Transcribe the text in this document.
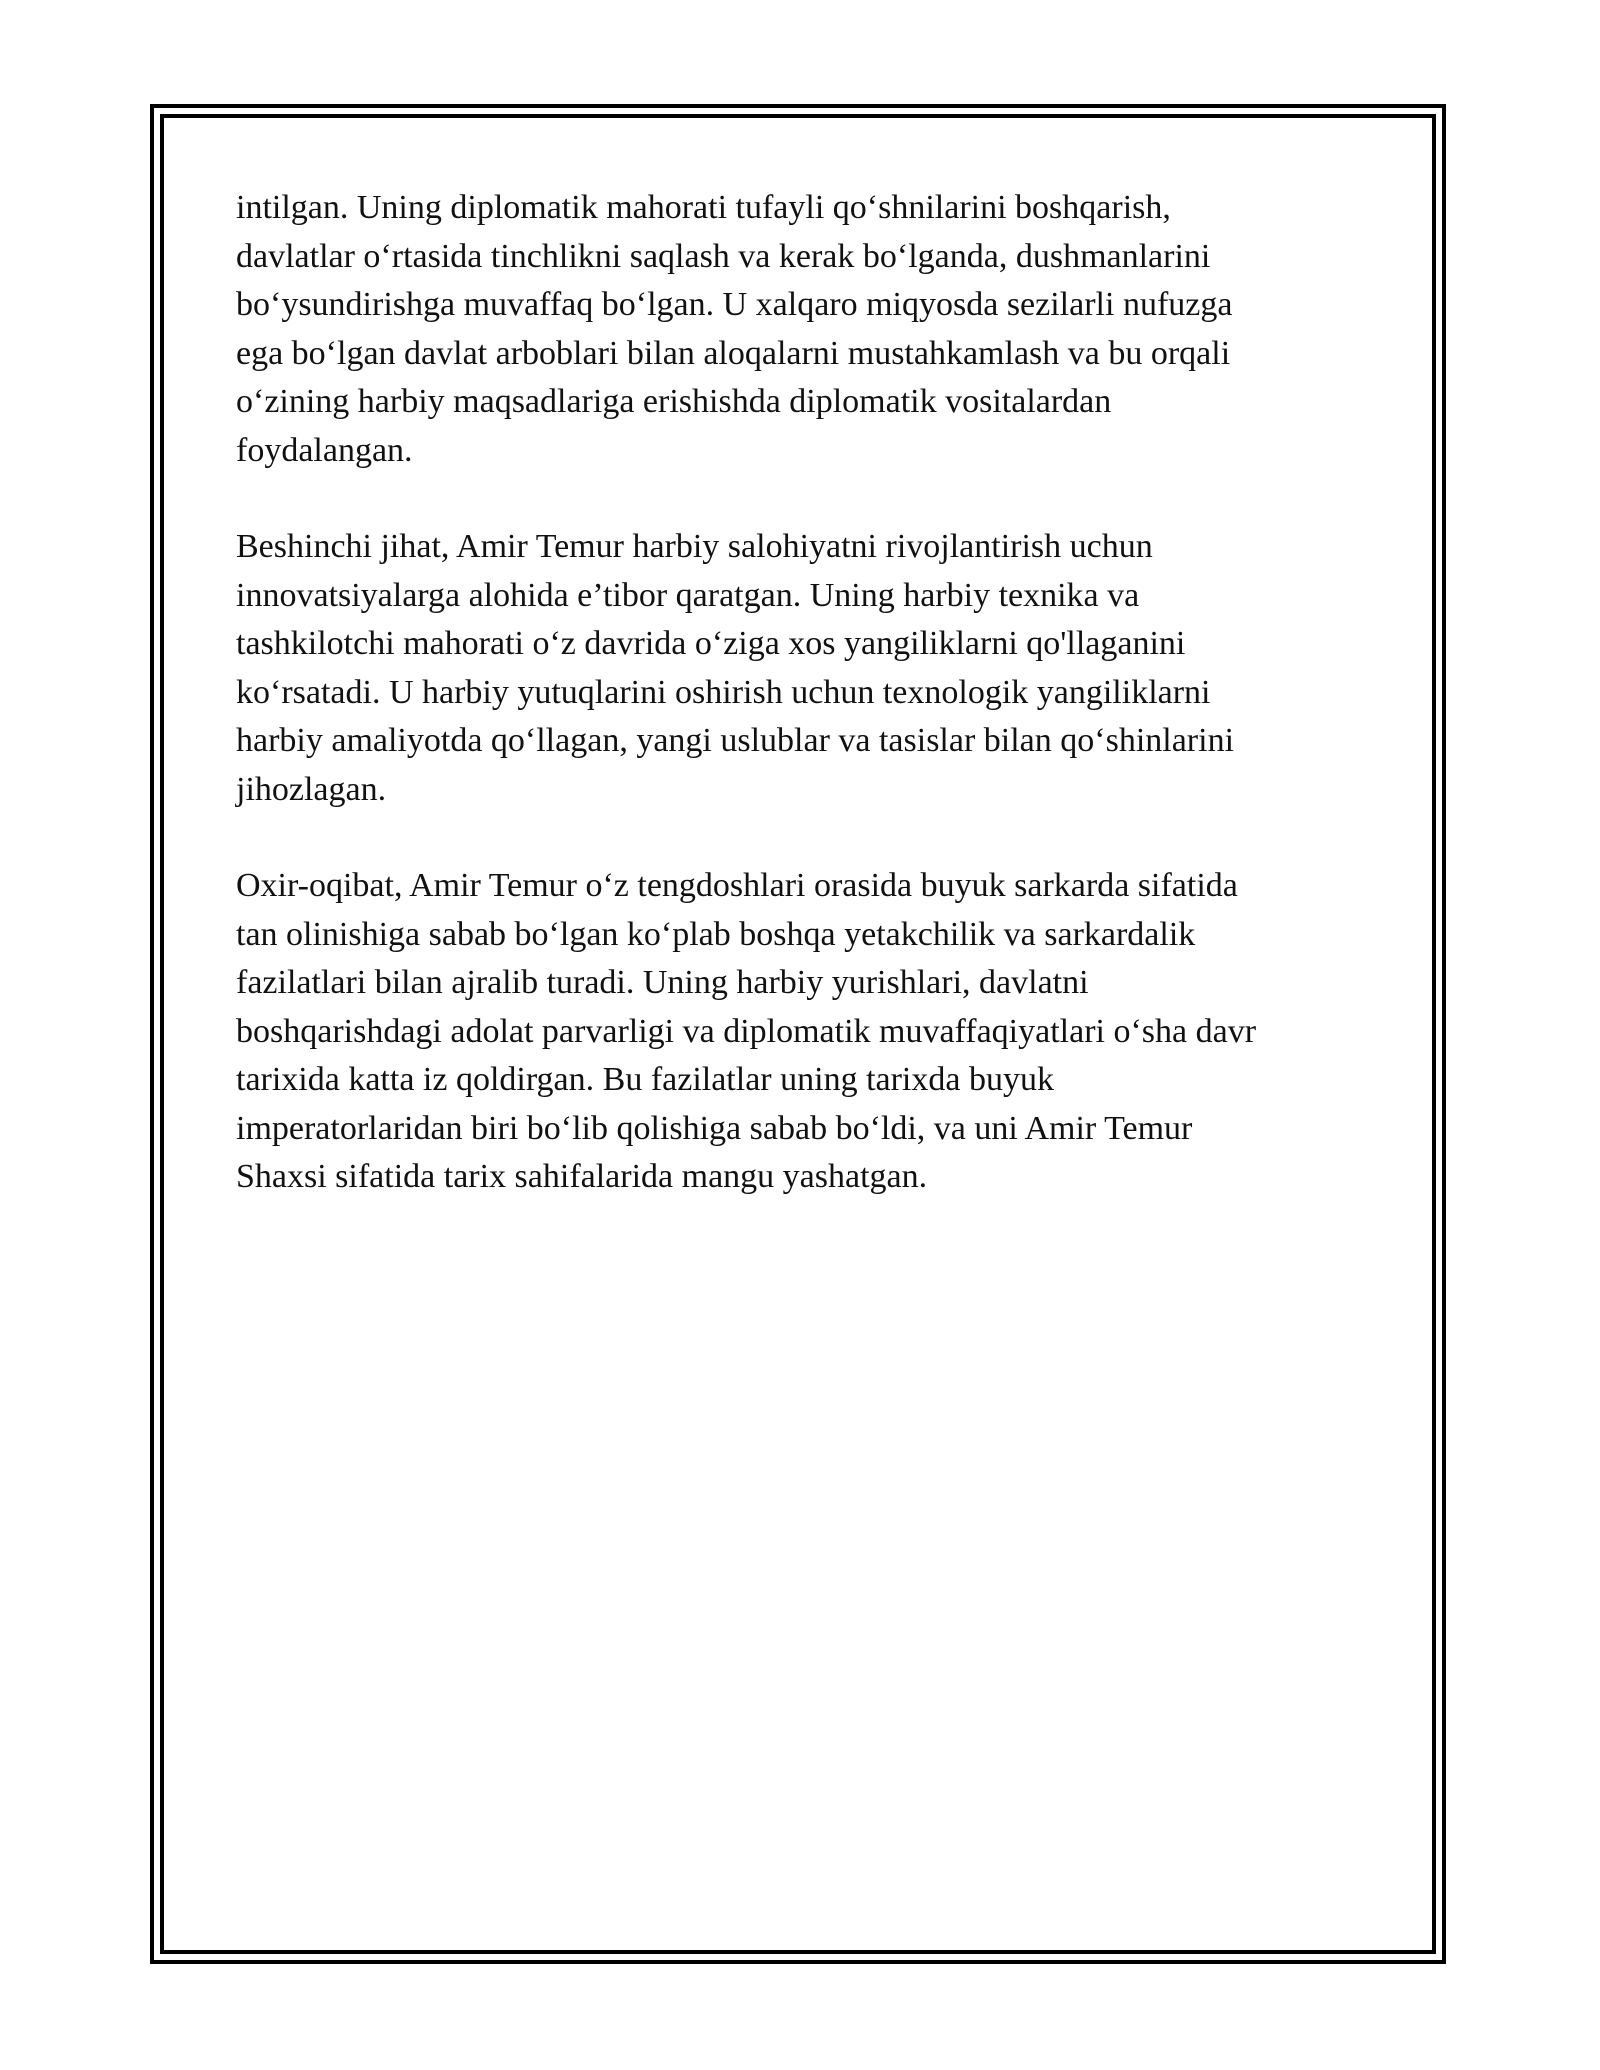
intilgan. Uning diplomatik mahorati tufayli qo‘shnilarini boshqarish,
davlatlar o‘rtasida tinchlikni saqlash va kerak bo‘lganda, dushmanlarini
bo‘ysundirishga muvaffaq bo‘lgan. U xalqaro miqyosda sezilarli nufuzga
ega bo‘lgan davlat arboblari bilan aloqalarni mustahkamlash va bu orqali
o‘zining harbiy maqsadlariga erishishda diplomatik vositalardan
foydalangan.

Beshinchi jihat, Amir Temur harbiy salohiyatni rivojlantirish uchun
innovatsiyalarga alohida e’tibor qaratgan. Uning harbiy texnika va
tashkilotchi mahorati o‘z davrida o‘ziga xos yangiliklarni qo'llaganini
ko‘rsatadi. U harbiy yutuqlarini oshirish uchun texnologik yangiliklarni
harbiy amaliyotda qo‘llagan, yangi uslublar va tasislar bilan qo‘shinlarini
jihozlagan.

Oxir-oqibat, Amir Temur o‘z tengdoshlari orasida buyuk sarkarda sifatida
tan olinishiga sabab bo‘lgan ko‘plab boshqa yetakchilik va sarkardalik
fazilatlari bilan ajralib turadi. Uning harbiy yurishlari, davlatni
boshqarishdagi adolat parvarligi va diplomatik muvaffaqiyatlari o‘sha davr
tarixida katta iz qoldirgan. Bu fazilatlar uning tarixda buyuk
imperatorlaridan biri bo‘lib qolishiga sabab bo‘ldi, va uni Amir Temur
Shaxsi sifatida tarix sahifalarida mangu yashatgan.
